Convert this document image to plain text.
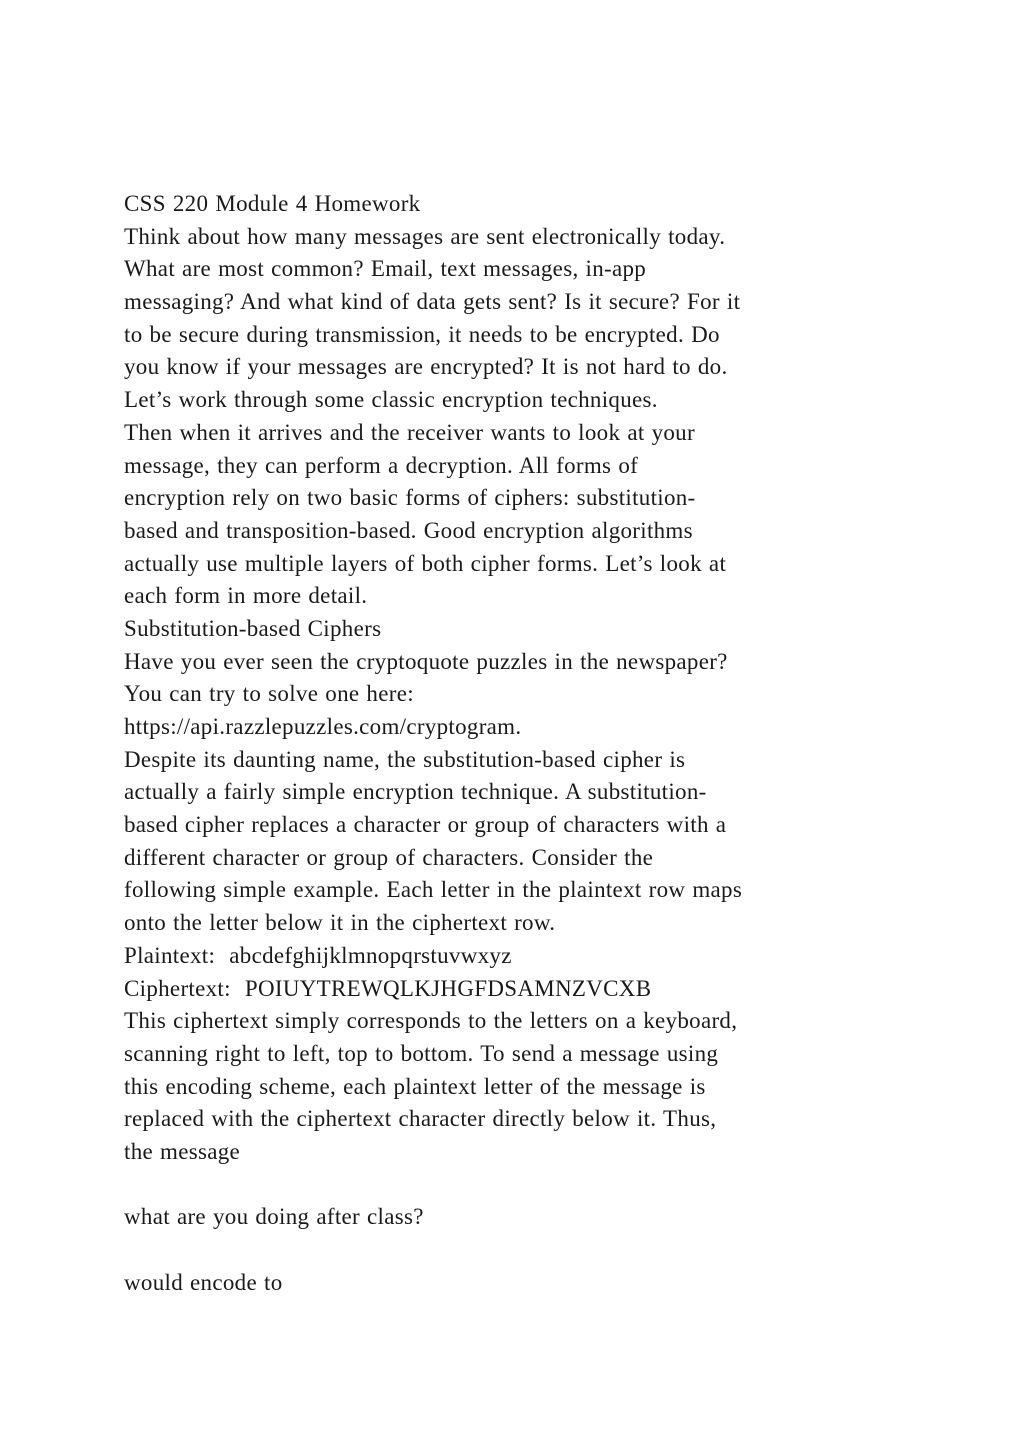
CSS 220 Module 4 Homework
Think about how many messages are sent electronically today.
What are most common? Email, text messages, in-app
messaging? And what kind of data gets sent? Is it secure? For it
to be secure during transmission, it needs to be encrypted. Do
you know if your messages are encrypted? It is not hard to do.
Let’s work through some classic encryption techniques.
Then when it arrives and the receiver wants to look at your
message, they can perform a decryption. All forms of
encryption rely on two basic forms of ciphers: substitution-
based and transposition-based. Good encryption algorithms
actually use multiple layers of both cipher forms. Let’s look at
each form in more detail.
Substitution-based Ciphers
Have you ever seen the cryptoquote puzzles in the newspaper?
You can try to solve one here:
https://api.razzlepuzzles.com/cryptogram.
Despite its daunting name, the substitution-based cipher is
actually a fairly simple encryption technique. A substitution-
based cipher replaces a character or group of characters with a
different character or group of characters. Consider the
following simple example. Each letter in the plaintext row maps
onto the letter below it in the ciphertext row.
Plaintext:  abcdefghijklmnopqrstuvwxyz
Ciphertext:  POIUYTREWQLKJHGFDSAMNZVCXB
This ciphertext simply corresponds to the letters on a keyboard,
scanning right to left, top to bottom. To send a message using
this encoding scheme, each plaintext letter of the message is
replaced with the ciphertext character directly below it. Thus,
the message
what are you doing after class?
would encode to
